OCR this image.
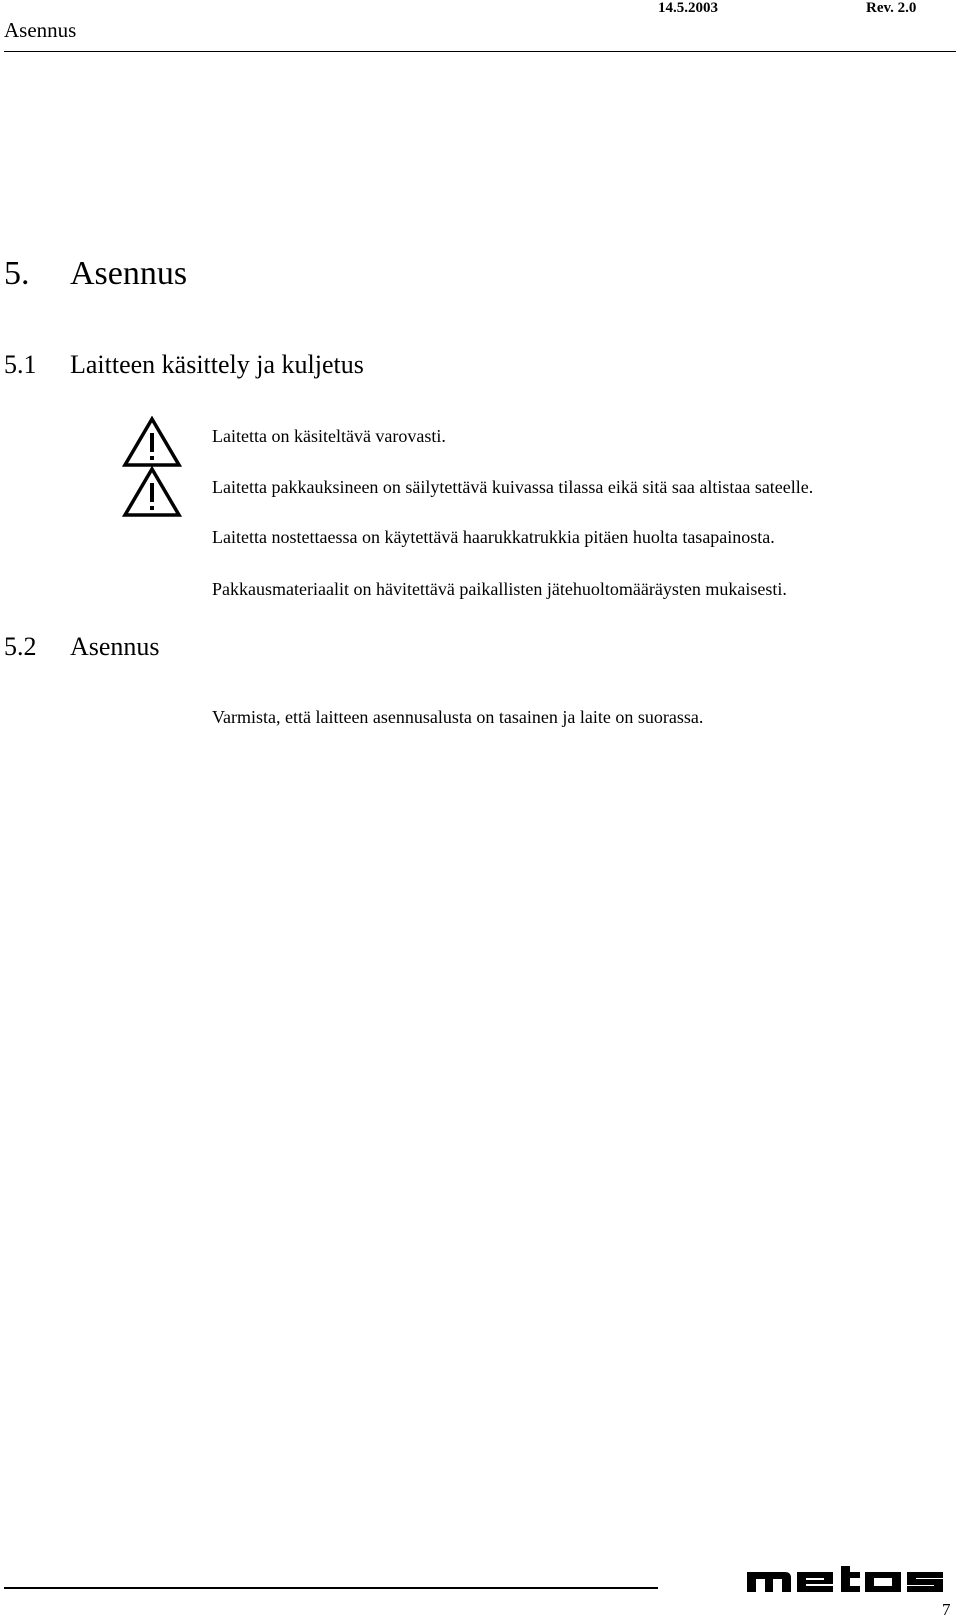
Asennus
14.5.2003	Rev. 2.0
5. Asennus
5.1 Laitteen käsittely ja kuljetus
Laitetta on käsiteltävä varovasti.
Laitetta pakkauksineen on säilytettävä kuivassa tilassa eikä sitä saa altistaa sateelle.
Laitetta nostettaessa on käytettävä haarukkatrukkia pitäen huolta tasapainosta.
Pakkausmateriaalit on hävitettävä paikallisten jätehuoltomääräysten mukaisesti.
5.2 Asennus
Varmista, että laitteen asennusalusta on tasainen ja laite on suorassa.
7
